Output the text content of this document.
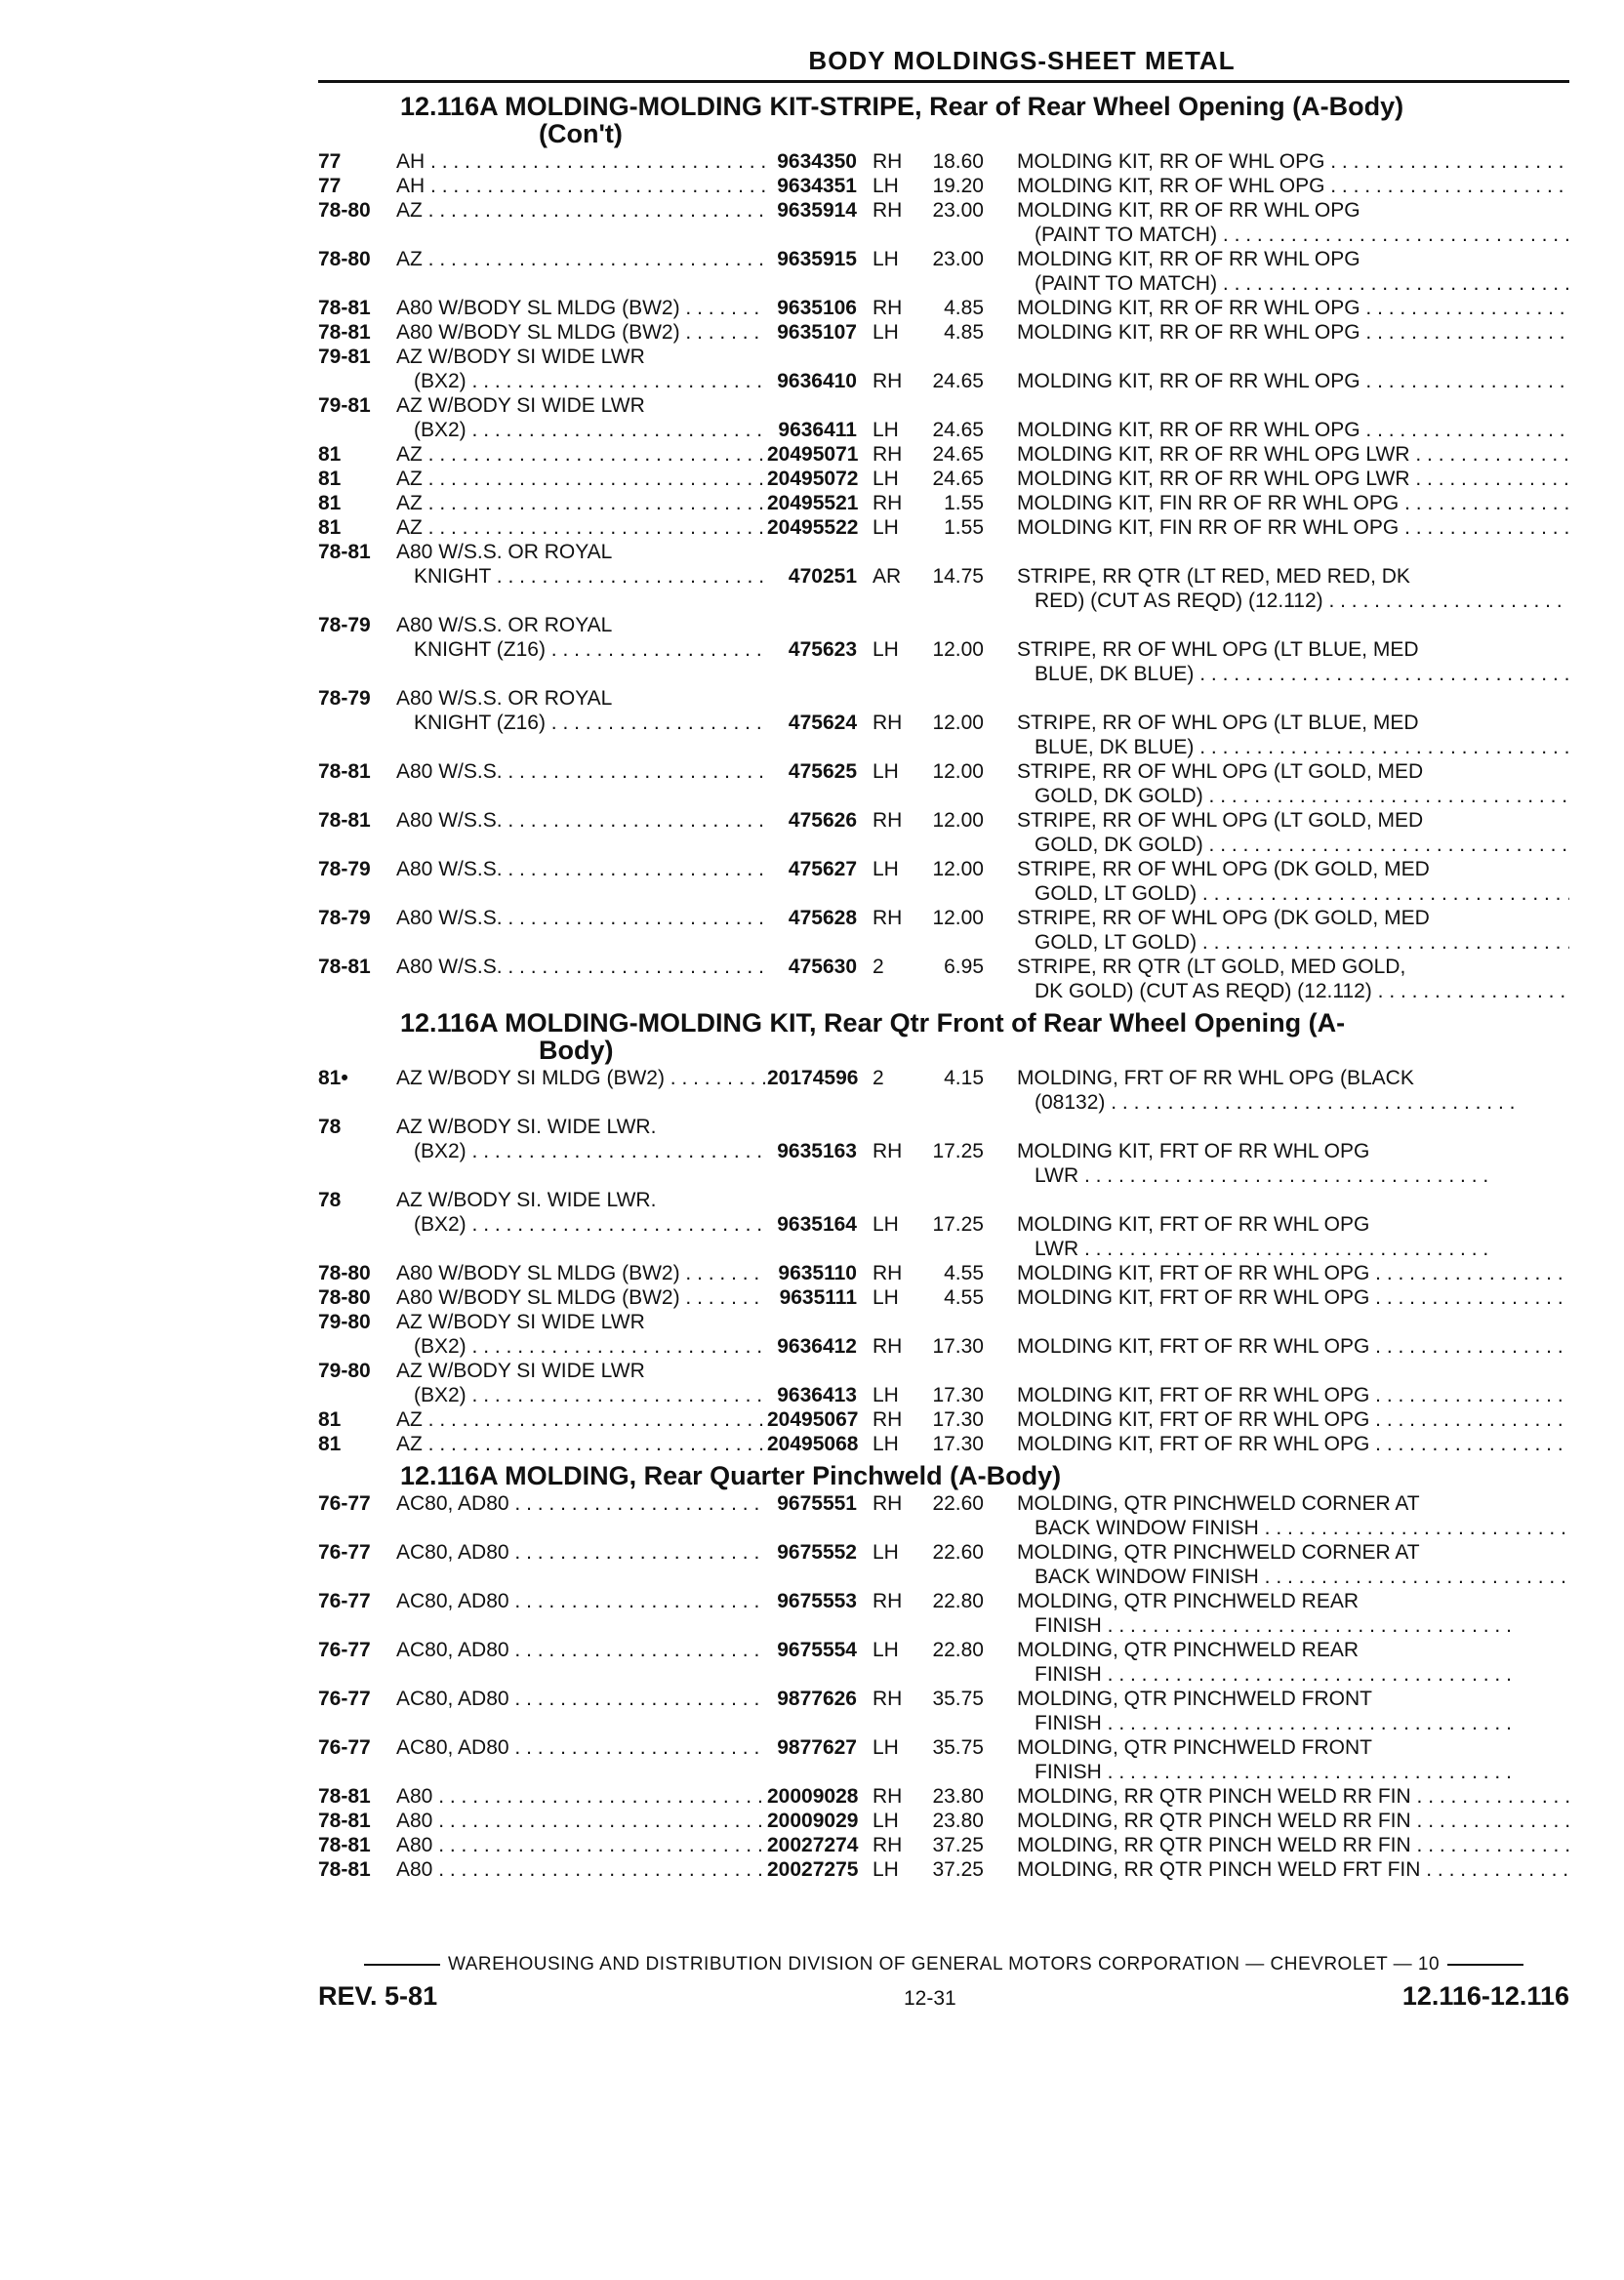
BODY MOLDINGS-SHEET METAL
12.116A MOLDING-MOLDING KIT-STRIPE, Rear of Rear Wheel Opening (A-Body)
(Con't)
77	AH . . .	9634350 RH	18.60	MOLDING KIT, RR OF WHL OPG . . .
77	AH . . .	9634351 LH	19.20	MOLDING KIT, RR OF WHL OPG . . .
78-80	AZ . . .	9635914 RH	23.00	MOLDING KIT, RR OF RR WHL OPG
(PAINT TO MATCH) . . .
78-80	AZ . . .	9635915 LH	23.00	MOLDING KIT, RR OF RR WHL OPG
(PAINT TO MATCH) . . .
78-81	A80 W/BODY SL MLDG (BW2) . . .	9635106 RH	4.85	MOLDING KIT, RR OF RR WHL OPG . . .
78-81	A80 W/BODY SL MLDG (BW2) . . .	9635107 LH	4.85	MOLDING KIT, RR OF RR WHL OPG . . .
79-81	AZ W/BODY SI WIDE LWR
(BX2) . . .	9636410 RH	24.65	MOLDING KIT, RR OF RR WHL OPG . . .
79-81	AZ W/BODY SI WIDE LWR
(BX2) . . .	9636411 LH	24.65	MOLDING KIT, RR OF RR WHL OPG . . .
81	AZ . . .	20495071 RH	24.65	MOLDING KIT, RR OF RR WHL OPG LWR . . .
81	AZ . . .	20495072 LH	24.65	MOLDING KIT, RR OF RR WHL OPG LWR . . .
81	AZ . . .	20495521 RH	1.55	MOLDING KIT, FIN RR OF RR WHL OPG . . .
81	AZ . . .	20495522 LH	1.55	MOLDING KIT, FIN RR OF RR WHL OPG . . .
78-81	A80 W/S.S. OR ROYAL
KNIGHT . . .	470251 AR	14.75	STRIPE, RR QTR (LT RED, MED RED, DK
RED) (CUT AS REQD) (12.112) . . .
78-79	A80 W/S.S. OR ROYAL
KNIGHT (Z16) . . .	475623 LH	12.00	STRIPE, RR OF WHL OPG (LT BLUE, MED
BLUE, DK BLUE) . . .
78-79	A80 W/S.S. OR ROYAL
KNIGHT (Z16) . . .	475624 RH	12.00	STRIPE, RR OF WHL OPG (LT BLUE, MED
BLUE, DK BLUE) . . .
78-81	A80 W/S.S. . . .	475625 LH	12.00	STRIPE, RR OF WHL OPG (LT GOLD, MED
GOLD, DK GOLD) . . .
78-81	A80 W/S.S. . . .	475626 RH	12.00	STRIPE, RR OF WHL OPG (LT GOLD, MED
GOLD, DK GOLD) . . .
78-79	A80 W/S.S. . . .	475627 LH	12.00	STRIPE, RR OF WHL OPG (DK GOLD, MED
GOLD, LT GOLD) . . .
78-79	A80 W/S.S. . . .	475628 RH	12.00	STRIPE, RR OF WHL OPG (DK GOLD, MED
GOLD, LT GOLD) . . .
78-81	A80 W/S.S. . . .	475630 2	6.95	STRIPE, RR QTR (LT GOLD, MED GOLD,
DK GOLD) (CUT AS REQD) (12.112) . . .
12.116A MOLDING-MOLDING KIT, Rear Qtr Front of Rear Wheel Opening (A-
Body)
81•	AZ W/BODY SI MLDG (BW2) . . .	20174596 2	4.15	MOLDING, FRT OF RR WHL OPG (BLACK
(08132) . . .
78	AZ W/BODY SI. WIDE LWR.
(BX2) . . .	9635163 RH	17.25	MOLDING KIT, FRT OF RR WHL OPG
LWR . . .
78	AZ W/BODY SI. WIDE LWR.
(BX2) . . .	9635164 LH	17.25	MOLDING KIT, FRT OF RR WHL OPG
LWR . . .
78-80	A80 W/BODY SL MLDG (BW2) . . .	9635110 RH	4.55	MOLDING KIT, FRT OF RR WHL OPG . . .
78-80	A80 W/BODY SL MLDG (BW2) . . .	9635111 LH	4.55	MOLDING KIT, FRT OF RR WHL OPG . . .
79-80	AZ W/BODY SI WIDE LWR
(BX2) . . .	9636412 RH	17.30	MOLDING KIT, FRT OF RR WHL OPG . . .
79-80	AZ W/BODY SI WIDE LWR
(BX2) . . .	9636413 LH	17.30	MOLDING KIT, FRT OF RR WHL OPG . . .
81	AZ . . .	20495067 RH	17.30	MOLDING KIT, FRT OF RR WHL OPG . . .
81	AZ . . .	20495068 LH	17.30	MOLDING KIT, FRT OF RR WHL OPG . . .
12.116A MOLDING, Rear Quarter Pinchweld (A-Body)
76-77	AC80, AD80 . . .	9675551 RH	22.60	MOLDING, QTR PINCHWELD CORNER AT
BACK WINDOW FINISH . . .
76-77	AC80, AD80 . . .	9675552 LH	22.60	MOLDING, QTR PINCHWELD CORNER AT
BACK WINDOW FINISH . . .
76-77	AC80, AD80 . . .	9675553 RH	22.80	MOLDING, QTR PINCHWELD REAR
FINISH . . .
76-77	AC80, AD80 . . .	9675554 LH	22.80	MOLDING, QTR PINCHWELD REAR
FINISH . . .
76-77	AC80, AD80 . . .	9877626 RH	35.75	MOLDING, QTR PINCHWELD FRONT
FINISH . . .
76-77	AC80, AD80 . . .	9877627 LH	35.75	MOLDING, QTR PINCHWELD FRONT
FINISH . . .
78-81	A80 . . .	20009028 RH	23.80	MOLDING, RR QTR PINCH WELD RR FIN . . .
78-81	A80 . . .	20009029 LH	23.80	MOLDING, RR QTR PINCH WELD RR FIN . . .
78-81	A80 . . .	20027274 RH	37.25	MOLDING, RR QTR PINCH WELD RR FIN . . .
78-81	A80 . . .	20027275 LH	37.25	MOLDING, RR QTR PINCH WELD FRT FIN . . .
WAREHOUSING AND DISTRIBUTION DIVISION OF GENERAL MOTORS CORPORATION — CHEVROLET — 10
REV. 5-81	12-31	12.116-12.116
